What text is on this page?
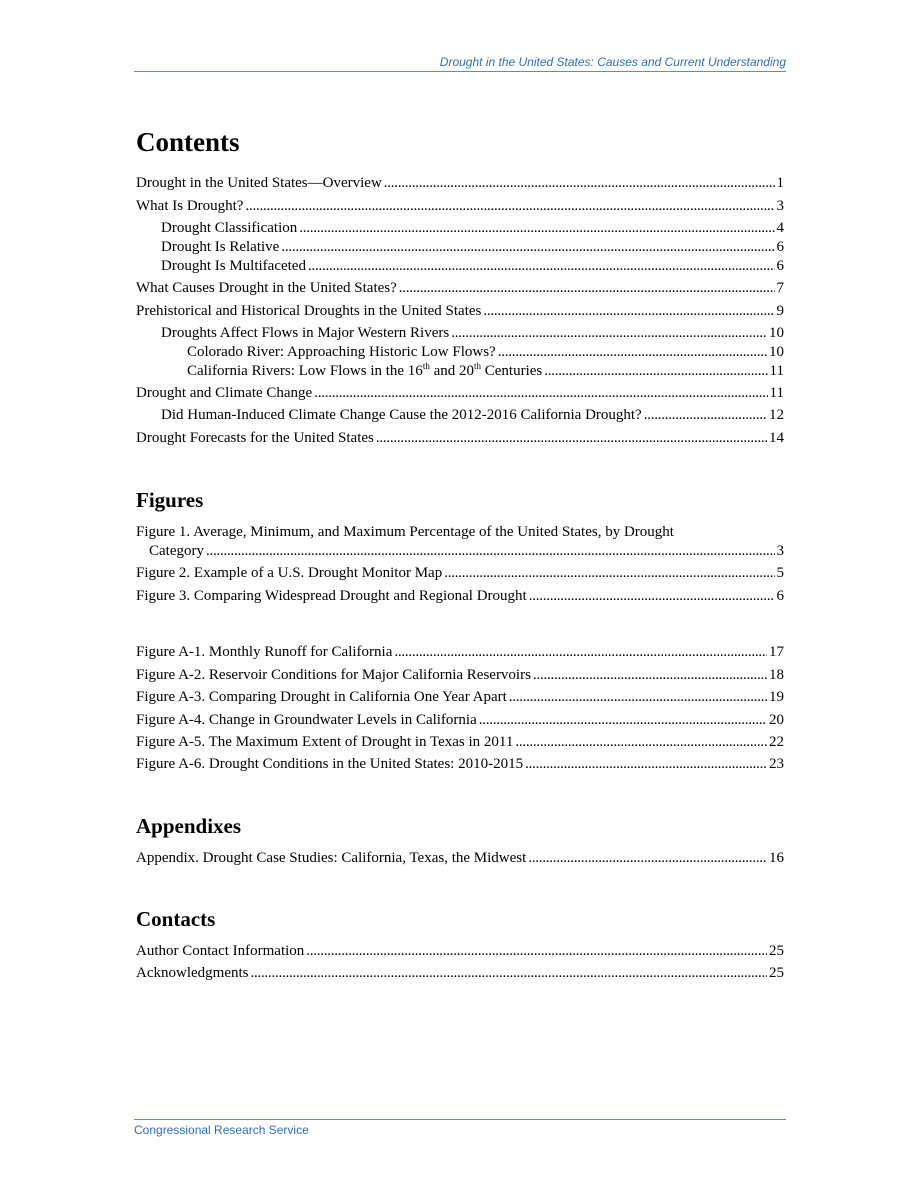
Drought in the United States: Causes and Current Understanding
Contents
Drought in the United States—Overview . . .	1
What Is Drought? . . .	3
Drought Classification . . .	4
Drought Is Relative . . .	6
Drought Is Multifaceted . . .	6
What Causes Drought in the United States? . . .	7
Prehistorical and Historical Droughts in the United States . . .	9
Droughts Affect Flows in Major Western Rivers . . .	10
Colorado River: Approaching Historic Low Flows? . . .	10
California Rivers: Low Flows in the 16th and 20th Centuries . . .	11
Drought and Climate Change . . .	11
Did Human-Induced Climate Change Cause the 2012-2016 California Drought? . . .	12
Drought Forecasts for the United States . . .	14
Figures
Figure 1. Average, Minimum, and Maximum Percentage of the United States, by Drought
Category . . .	3
Figure 2. Example of a U.S. Drought Monitor Map . . .	5
Figure 3. Comparing Widespread Drought and Regional Drought . . .	6
Figure A-1. Monthly Runoff for California . . .	17
Figure A-2. Reservoir Conditions for Major California Reservoirs . . .	18
Figure A-3. Comparing Drought in California One Year Apart . . .	19
Figure A-4. Change in Groundwater Levels in California . . .	20
Figure A-5. The Maximum Extent of Drought in Texas in 2011 . . .	22
Figure A-6. Drought Conditions in the United States: 2010-2015 . . .	23
Appendixes
Appendix. Drought Case Studies: California, Texas, the Midwest . . .	16
Contacts
Author Contact Information . . .	25
Acknowledgments . . .	25
Congressional Research Service
